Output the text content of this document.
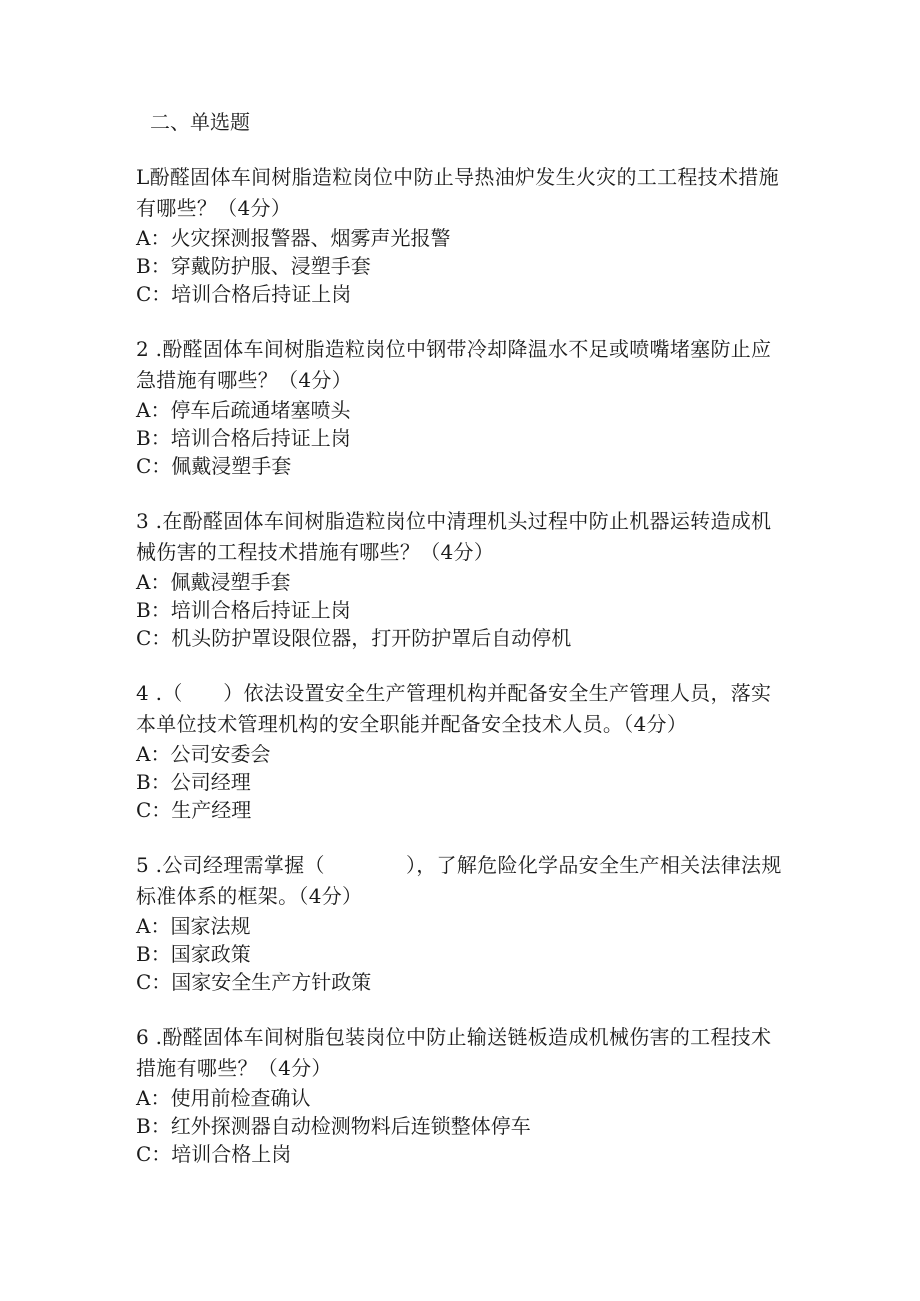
二、单选题

L酚醛固体车间树脂造粒岗位中防止导热油炉发生火灾的工工程技术措施有哪些？（4分）

A：火灾探测报警器、烟雾声光报警
B：穿戴防护服、浸塑手套
C：培训合格后持证上岗

2 .酚醛固体车间树脂造粒岗位中钢带冷却降温水不足或喷嘴堵塞防止应急措施有哪些？（4分）

A：停车后疏通堵塞喷头
B：培训合格后持证上岗
C：佩戴浸塑手套

3 .在酚醛固体车间树脂造粒岗位中清理机头过程中防止机器运转造成机械伤害的工程技术措施有哪些？（4分）

A：佩戴浸塑手套
B：培训合格后持证上岗
C：机头防护罩设限位器，打开防护罩后自动停机

4 .（　　）依法设置安全生产管理机构并配备安全生产管理人员，落实本单位技术管理机构的安全职能并配备安全技术人员。（4分）

A：公司安委会
B：公司经理
C：生产经理

5 .公司经理需掌握（　　　　），了解危险化学品安全生产相关法律法规标准体系的框架。（4分）

A：国家法规
B：国家政策
C：国家安全生产方针政策

6 .酚醛固体车间树脂包装岗位中防止输送链板造成机械伤害的工程技术措施有哪些？（4分）

A：使用前检查确认
B：红外探测器自动检测物料后连锁整体停车
C：培训合格上岗
